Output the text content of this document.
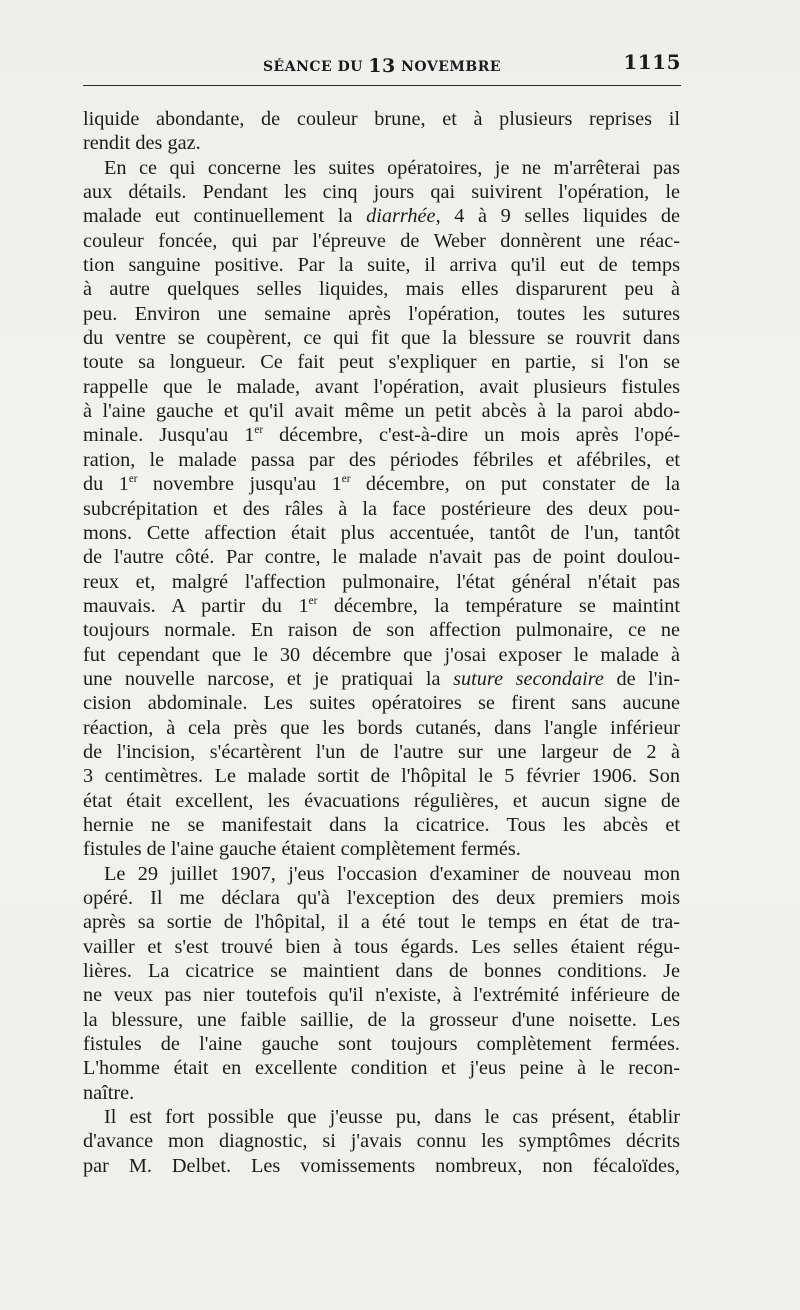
SÉANCE DU 13 NOVEMBRE	1115

liquide abondante, de couleur brune, et à plusieurs reprises il

rendit des gaz.

En ce qui concerne les suites opératoires, je ne m'arrêterai pas

aux détails. Pendant les cinq jours qai suivirent l'opération, le

malade eut continuellement la diarrhée, 4 à 9 selles liquides de

couleur foncée, qui par l'épreuve de Weber donnèrent une réac-

tion sanguine positive. Par la suite, il arriva qu'il eut de temps

à autre quelques selles liquides, mais elles disparurent peu à

peu. Environ une semaine après l'opération, toutes les sutures

du ventre se coupèrent, ce qui fit que la blessure se rouvrit dans

toute sa longueur. Ce fait peut s'expliquer en partie, si l'on se

rappelle que le malade, avant l'opération, avait plusieurs fistules

à l'aine gauche et qu'il avait même un petit abcès à la paroi abdo-

minale. Jusqu'au 1er décembre, c'est-à-dire un mois après l'opé-

ration, le malade passa par des périodes fébriles et afébriles, et

du 1er novembre jusqu'au 1er décembre, on put constater de la

subcrépitation et des râles à la face postérieure des deux pou-

mons. Cette affection était plus accentuée, tantôt de l'un, tantôt

de l'autre côté. Par contre, le malade n'avait pas de point doulou-

reux et, malgré l'affection pulmonaire, l'état général n'était pas

mauvais. A partir du 1er décembre, la température se maintint

toujours normale. En raison de son affection pulmonaire, ce ne

fut cependant que le 30 décembre que j'osai exposer le malade à

une nouvelle narcose, et je pratiquai la suture secondaire de l'in-

cision abdominale. Les suites opératoires se firent sans aucune

réaction, à cela près que les bords cutanés, dans l'angle inférieur

de l'incision, s'écartèrent l'un de l'autre sur une largeur de 2 à

3 centimètres. Le malade sortit de l'hôpital le 5 février 1906. Son

état était excellent, les évacuations régulières, et aucun signe de

hernie ne se manifestait dans la cicatrice. Tous les abcès et

fistules de l'aine gauche étaient complètement fermés.

Le 29 juillet 1907, j'eus l'occasion d'examiner de nouveau mon

opéré. Il me déclara qu'à l'exception des deux premiers mois

après sa sortie de l'hôpital, il a été tout le temps en état de tra-

vailler et s'est trouvé bien à tous égards. Les selles étaient régu-

lières. La cicatrice se maintient dans de bonnes conditions. Je

ne veux pas nier toutefois qu'il n'existe, à l'extrémité inférieure de

la blessure, une faible saillie, de la grosseur d'une noisette. Les

fistules de l'aine gauche sont toujours complètement fermées.

L'homme était en excellente condition et j'eus peine à le recon-

naître.

Il est fort possible que j'eusse pu, dans le cas présent, établir

d'avance mon diagnostic, si j'avais connu les symptômes décrits

par M. Delbet. Les vomissements nombreux, non fécaloïdes,
